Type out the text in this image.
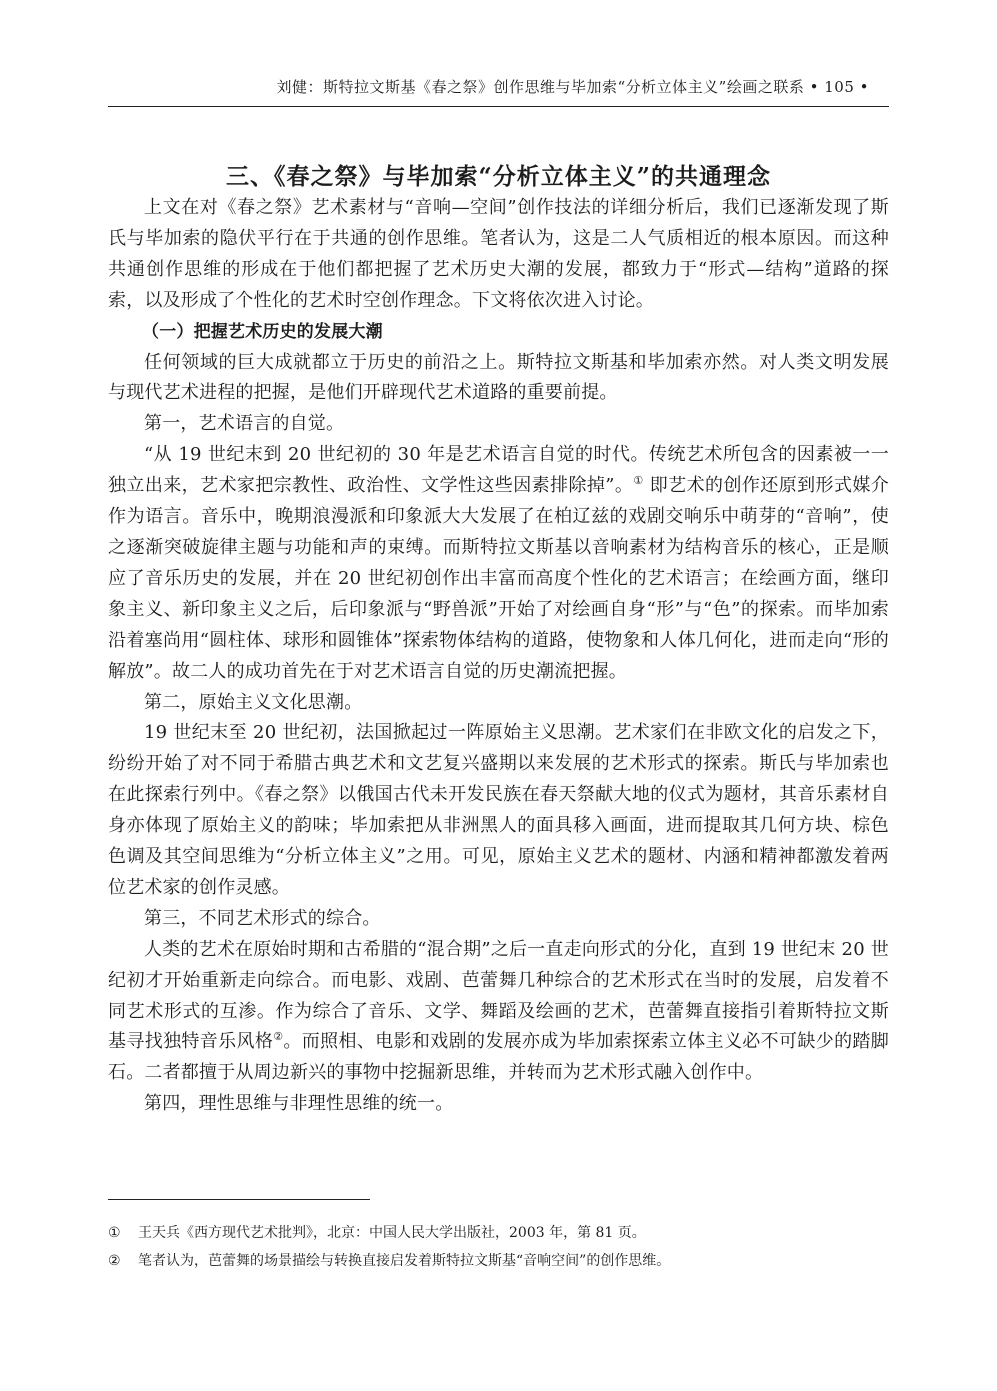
刘健：斯特拉文斯基《春之祭》创作思维与毕加索“分析立体主义”绘画之联系 • 105 •
三、《春之祭》与毕加索“分析立体主义”的共通理念

上文在对《春之祭》艺术素材与“音响—空间”创作技法的详细分析后，我们已逐渐发现了斯氏与毕加索的隐伏平行在于共通的创作思维。笔者认为，这是二人气质相近的根本原因。而这种共通创作思维的形成在于他们都把握了艺术历史大潮的发展，都致力于“形式—结构”道路的探索，以及形成了个性化的艺术时空创作理念。下文将依次进入讨论。

（一）把握艺术历史的发展大潮

任何领域的巨大成就都立于历史的前沿之上。斯特拉文斯基和毕加索亦然。对人类文明发展与现代艺术进程的把握，是他们开辟现代艺术道路的重要前提。

第一，艺术语言的自觉。

“从 19 世纪末到 20 世纪初的 30 年是艺术语言自觉的时代。传统艺术所包含的因素被一一独立出来，艺术家把宗教性、政治性、文学性这些因素排除掉”。① 即艺术的创作还原到形式媒介作为语言。音乐中，晚期浪漫派和印象派大大发展了在柏辽兹的戏剧交响乐中萌芽的“音响”，使之逐渐突破旋律主题与功能和声的束缚。而斯特拉文斯基以音响素材为结构音乐的核心，正是顺应了音乐历史的发展，并在 20 世纪初创作出丰富而高度个性化的艺术语言；在绘画方面，继印象主义、新印象主义之后，后印象派与“野兽派”开始了对绘画自身“形”与“色”的探索。而毕加索沿着塞尚用“圆柱体、球形和圆锥体”探索物体结构的道路，使物象和人体几何化，进而走向“形的解放”。故二人的成功首先在于对艺术语言自觉的历史潮流把握。

第二，原始主义文化思潮。

19 世纪末至 20 世纪初，法国掀起过一阵原始主义思潮。艺术家们在非欧文化的启发之下，纷纷开始了对不同于希腊古典艺术和文艺复兴盛期以来发展的艺术形式的探索。斯氏与毕加索也在此探索行列中。《春之祭》以俄国古代未开发民族在春天祭献大地的仪式为题材，其音乐素材自身亦体现了原始主义的韵味；毕加索把从非洲黑人的面具移入画面，进而提取其几何方块、棕色色调及其空间思维为“分析立体主义”之用。可见，原始主义艺术的题材、内涵和精神都激发着两位艺术家的创作灵感。

第三，不同艺术形式的综合。

人类的艺术在原始时期和古希腊的“混合期”之后一直走向形式的分化，直到 19 世纪末 20 世纪初才开始重新走向综合。而电影、戏剧、芭蕾舞几种综合的艺术形式在当时的发展，启发着不同艺术形式的互渗。作为综合了音乐、文学、舞蹈及绘画的艺术，芭蕾舞直接指引着斯特拉文斯基寻找独特音乐风格②。而照相、电影和戏剧的发展亦成为毕加索探索立体主义必不可缺少的踏脚石。二者都擅于从周边新兴的事物中挖掘新思维，并转而为艺术形式融入创作中。

第四，理性思维与非理性思维的统一。

① 王天兵《西方现代艺术批判》，北京：中国人民大学出版社，2003 年，第 81 页。
② 笔者认为，芭蕾舞的场景描绘与转换直接启发着斯特拉文斯基“音响空间”的创作思维。
